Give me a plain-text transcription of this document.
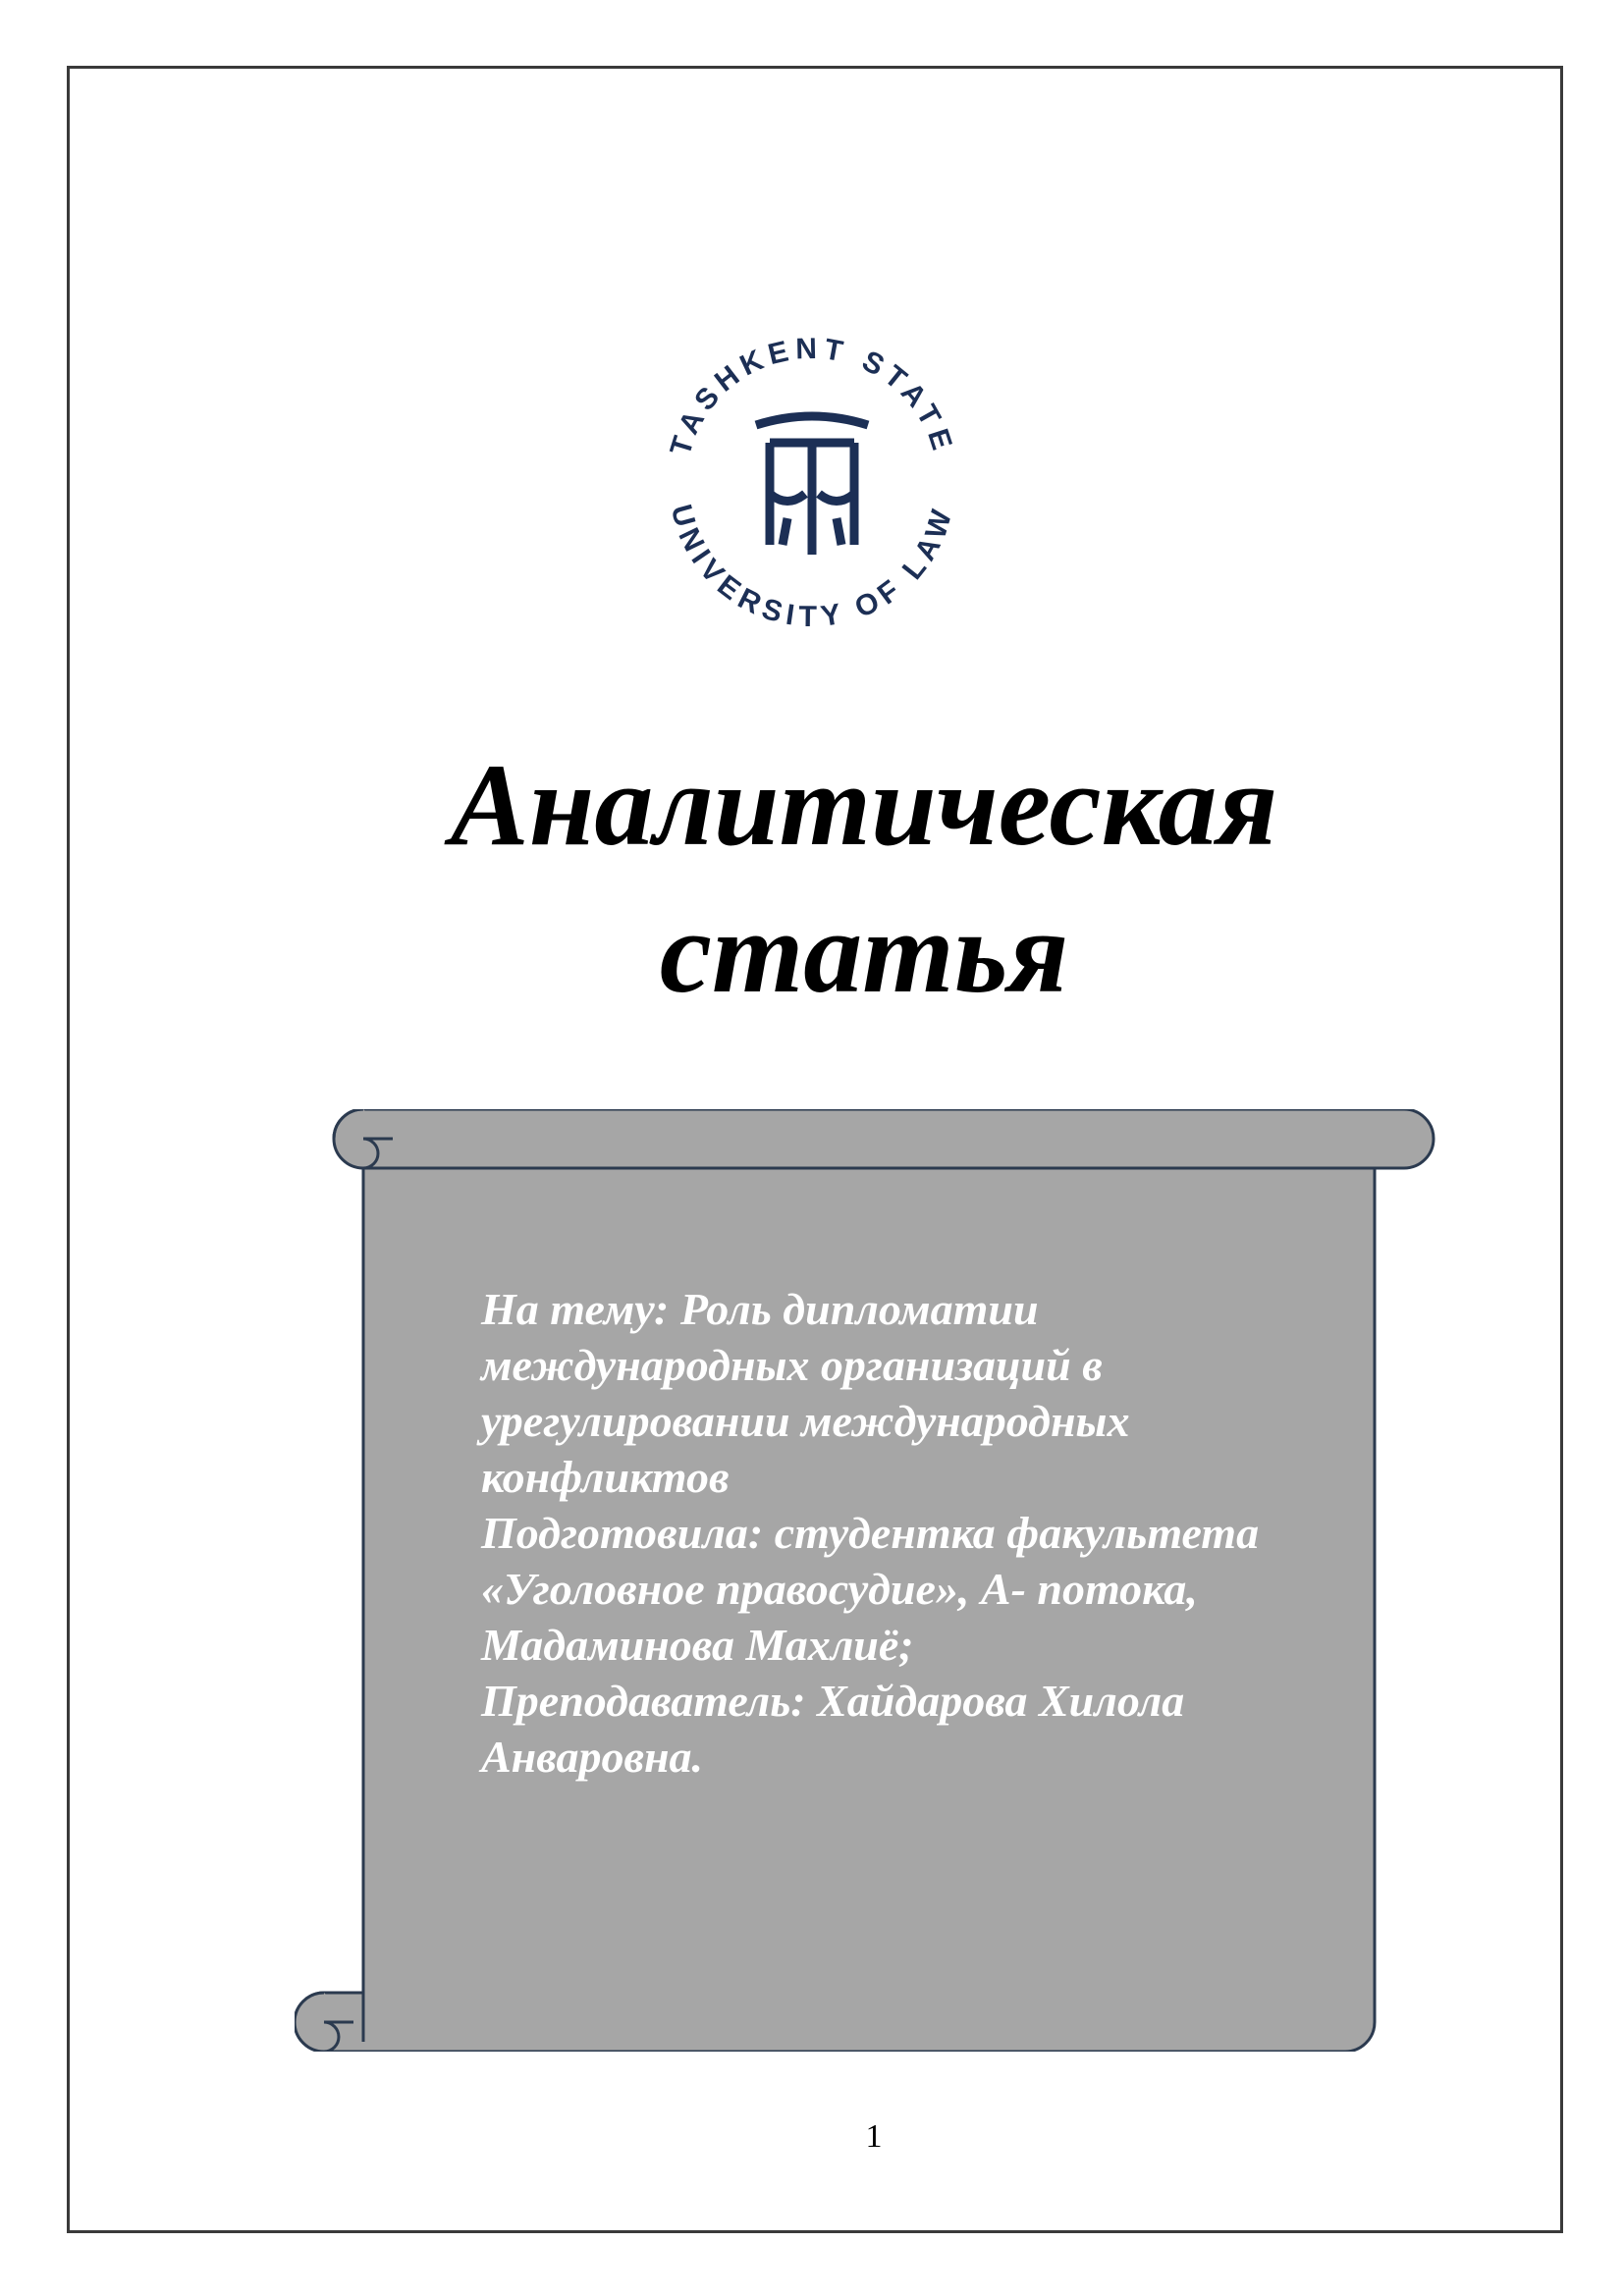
TASHKENT STATE
UNIVERSITY OF LAW
Аналитическая
статья
На тему: Роль дипломатии
международных организаций в
урегулировании международных
конфликтов
Подготовила: студентка факультета
«Уголовное правосудие», А- потока,
Мадаминова Махлиё;
Преподаватель: Хайдарова Хилола
Анваровна.
1
